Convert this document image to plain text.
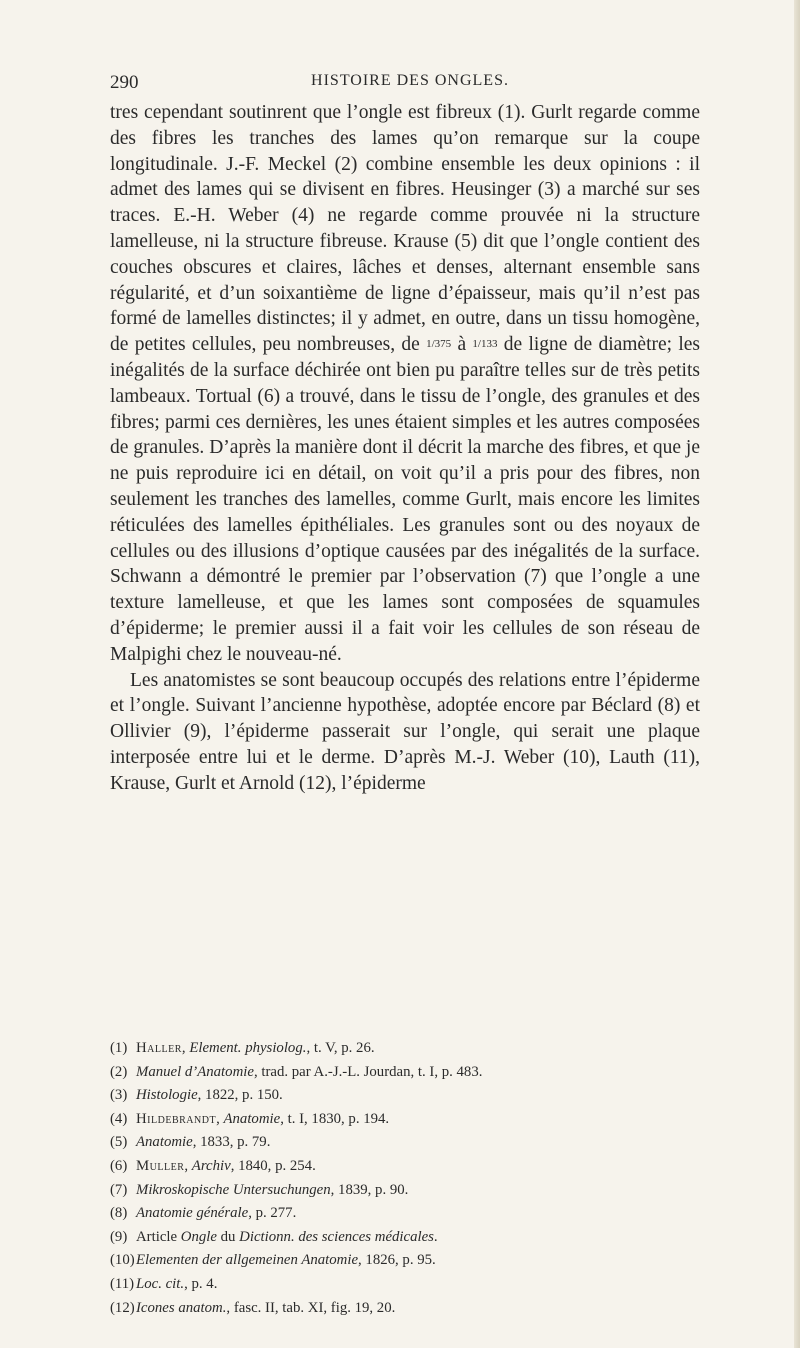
290	HISTOIRE DES ONGLES.

tres cependant soutinrent que l’ongle est fibreux (1). Gurlt regarde comme des fibres les tranches des lames qu’on remarque sur la coupe longitudinale. J.-F. Meckel (2) combine ensemble les deux opinions : il admet des lames qui se divisent en fibres. Heusinger (3) a marché sur ses traces. E.-H. Weber (4) ne regarde comme prouvée ni la structure lamelleuse, ni la structure fibreuse. Krause (5) dit que l’ongle contient des couches obscures et claires, lâches et denses, alternant ensemble sans régularité, et d’un soixantième de ligne d’épaisseur, mais qu’il n’est pas formé de lamelles distinctes; il y admet, en outre, dans un tissu homogène, de petites cellules, peu nombreuses, de 1/375 à 1/133 de ligne de diamètre; les inégalités de la surface déchirée ont bien pu paraître telles sur de très petits lambeaux. Tortual (6) a trouvé, dans le tissu de l’ongle, des granules et des fibres; parmi ces dernières, les unes étaient simples et les autres composées de granules. D’après la manière dont il décrit la marche des fibres, et que je ne puis reproduire ici en détail, on voit qu’il a pris pour des fibres, non seulement les tranches des lamelles, comme Gurlt, mais encore les limites réticulées des lamelles épithéliales. Les granules sont ou des noyaux de cellules ou des illusions d’optique causées par des inégalités de la surface. Schwann a démontré le premier par l’observation (7) que l’ongle a une texture lamelleuse, et que les lames sont composées de squamules d’épiderme; le premier aussi il a fait voir les cellules de son réseau de Malpighi chez le nouveau-né.

Les anatomistes se sont beaucoup occupés des relations entre l’épiderme et l’ongle. Suivant l’ancienne hypothèse, adoptée encore par Béclard (8) et Ollivier (9), l’épiderme passerait sur l’ongle, qui serait une plaque interposée entre lui et le derme. D’après M.-J. Weber (10), Lauth (11), Krause, Gurlt et Arnold (12), l’épiderme

(1) Haller, Element. physiolog., t. V, p. 26.
(2) Manuel d’Anatomie, trad. par A.-J.-L. Jourdan, t. I, p. 483.
(3) Histologie, 1822, p. 150.
(4) Hildebrandt, Anatomie, t. I, 1830, p. 194.
(5) Anatomie, 1833, p. 79.
(6) Muller, Archiv, 1840, p. 254.
(7) Mikroskopische Untersuchungen, 1839, p. 90.
(8) Anatomie générale, p. 277.
(9) Article Ongle du Dictionn. des sciences médicales.
(10)Elementen der allgemeinen Anatomie, 1826, p. 95.
(11) Loc. cit., p. 4.
(12)Icones anatom., fasc. II, tab. XI, fig. 19, 20.
